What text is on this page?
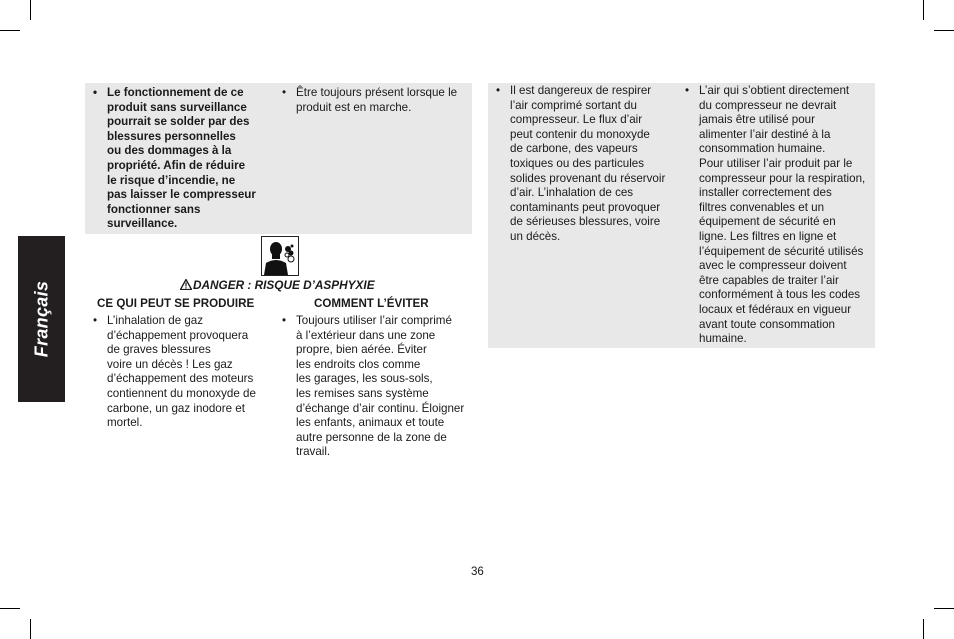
Français
• Le fonctionnement de ce
produit sans surveillance
pourrait se solder par des
blessures personnelles
ou des dommages à la
propriété. Afin de réduire
le risque d’incendie, ne
pas laisser le compresseur
fonctionner sans
surveillance.
• Être toujours présent lorsque le
produit est en marche.
DANGER : RISQUE D’ASPHYXIE
CE QUI PEUT SE PRODUIRE	COMMENT L’ÉVITER
• L’inhalation de gaz
d’échappement provoquera
de graves blessures
voire un décès ! Les gaz
d’échappement des moteurs
contiennent du monoxyde de
carbone, un gaz inodore et
mortel.
• Toujours utiliser l’air comprimé
à l’extérieur dans une zone
propre, bien aérée. Éviter
les endroits clos comme
les garages, les sous-sols,
les remises sans système
d’échange d’air continu. Éloigner
les enfants, animaux et toute
autre personne de la zone de
travail.
• Il est dangereux de respirer
l’air comprimé sortant du
compresseur. Le flux d’air
peut contenir du monoxyde
de carbone, des vapeurs
toxiques ou des particules
solides provenant du réservoir
d’air. L’inhalation de ces
contaminants peut provoquer
de sérieuses blessures, voire
un décès.
• L’air qui s’obtient directement
du compresseur ne devrait
jamais être utilisé pour
alimenter l’air destiné à la
consommation humaine.
Pour utiliser l’air produit par le
compresseur pour la respiration,
installer correctement des
filtres convenables et un
équipement de sécurité en
ligne. Les filtres en ligne et
l’équipement de sécurité utilisés
avec le compresseur doivent
être capables de traiter l’air
conformément à tous les codes
locaux et fédéraux en vigueur
avant toute consommation
humaine.
36
